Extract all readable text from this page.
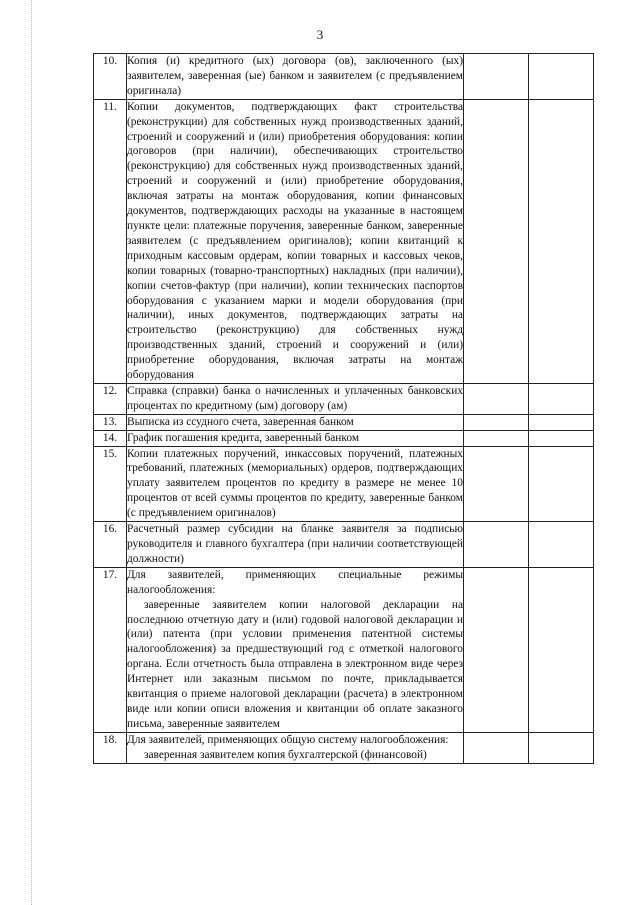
3
10.	Копия (и) кредитного (ых) договора (ов), заключенного (ых) заявителем, заверенная (ые) банком и заявителем (с предъявлением оригинала)		

11.	Копии документов, подтверждающих факт строительства (реконструкции) для собственных нужд производственных зданий, строений и сооружений и (или) приобретения оборудования: копии договоров (при наличии), обеспечивающих строительство (реконструкцию) для собственных нужд производственных зданий, строений и сооружений и (или) приобретение оборудования, включая затраты на монтаж оборудования, копии финансовых документов, подтверждающих расходы на указанные в настоящем пункте цели: платежные поручения, заверенные банком, заверенные заявителем (с предъявлением оригиналов); копии квитанций к приходным кассовым ордерам, копии товарных и кассовых чеков, копии товарных (товарно-транспортных) накладных (при наличии), копии счетов-фактур (при наличии), копии технических паспортов оборудования с указанием марки и модели оборудования (при наличии), иных документов, подтверждающих затраты на строительство (реконструкцию) для собственных нужд производственных зданий, строений и сооружений и (или) приобретение оборудования, включая затраты на монтаж оборудования		

12.	Справка (справки) банка о начисленных и уплаченных банковских процентах по кредитному (ым) договору (ам)		

13.	Выписка из ссудного счета, заверенная банком		

14.	График погашения кредита, заверенный банком		

15.	Копии платежных поручений, инкассовых поручений, платежных требований, платежных (мемориальных) ордеров, подтверждающих уплату заявителем процентов по кредиту в размере не менее 10 процентов от всей суммы процентов по кредиту, заверенные банком (с предъявлением оригиналов)		

16.	Расчетный размер субсидии на бланке заявителя за подписью руководителя и главного бухгалтера (при наличии соответствующей должности)		

17.	Для заявителей, применяющих специальные режимы налогообложения:
заверенные заявителем копии налоговой декларации на последнюю отчетную дату и (или) годовой налоговой декларации и (или) патента (при условии применения патентной системы налогообложения) за предшествующий год с отметкой налогового органа. Если отчетность была отправлена в электронном виде через Интернет или заказным письмом по почте, прикладывается квитанция о приеме налоговой декларации (расчета) в электронном виде или копии описи вложения и квитанции об оплате заказного письма, заверенные заявителем		

18.	Для заявителей, применяющих общую систему налогообложения:
заверенная заявителем копия бухгалтерской (финансовой)		
